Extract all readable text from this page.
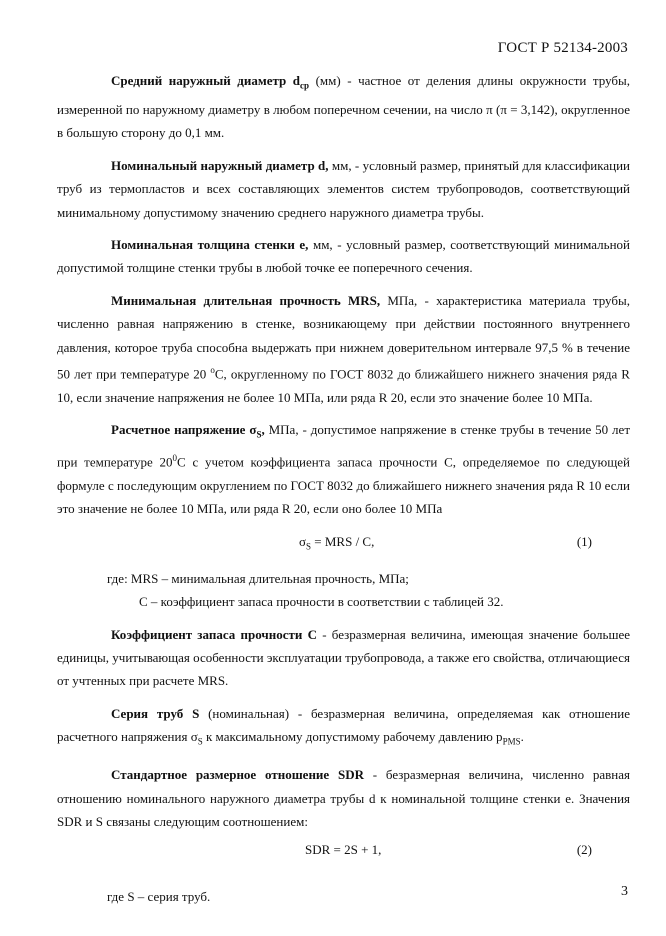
ГОСТ Р 52134-2003

Средний наружный диаметр $d_{ср}$ (мм) - частное от деления длины окружности трубы, измеренной по наружному диаметру в любом поперечном сечении, на число π (π = 3,142), округленное в большую сторону до 0,1 мм.

Номинальный наружный диаметр d, мм, - условный размер, принятый для классификации труб из термопластов и всех составляющих элементов систем трубопроводов, соответствующий минимальному допустимому значению среднего наружного диаметра трубы.

Номинальная толщина стенки e, мм, - условный размер, соответствующий минимальной допустимой толщине стенки трубы в любой точке ее поперечного сечения.

Минимальная длительная прочность MRS, МПа, - характеристика материала трубы, численно равная напряжению в стенке, возникающему при действии постоянного внутреннего давления, которое труба способна выдержать при нижнем доверительном интервале 97,5 % в течение 50 лет при температуре 20 $^о$С, округленному по ГОСТ 8032 до ближайшего нижнего значения ряда R 10, если значение напряжения не более 10 МПа, или ряда R 20, если это значение более 10 МПа.

Расчетное напряжение $\sigma_S$, МПа, - допустимое напряжение в стенке трубы в течение 50 лет при температуре $20^0С$ с учетом коэффициента запаса прочности С, определяемое по следующей формуле с последующим округлением по ГОСТ 8032 до ближайшего нижнего значения ряда R 10 если это значение не более 10 МПа, или ряда R 20, если оно более 10 МПа

$\sigma_S$ = MRS / C,	(1)

где: MRS – минимальная длительная прочность, МПа;

C – коэффициент запаса прочности в соответствии с таблицей 32.

Коэффициент запаса прочности C - безразмерная величина, имеющая значение большее единицы, учитывающая особенности эксплуатации трубопровода, а также его свойства, отличающиеся от учтенных при расчете MRS.

Серия труб S (номинальная) - безразмерная величина, определяемая как отношение расчетного напряжения $\sigma_S$ к максимальному допустимому рабочему давлению $p_{PMS}$.

Стандартное размерное отношение SDR - безразмерная величина, численно равная отношению номинального наружного диаметра трубы d к номинальной толщине стенки e. Значения SDR и S связаны следующим соотношением:

SDR = 2S + 1,	(2)

где S – серия труб.	3
